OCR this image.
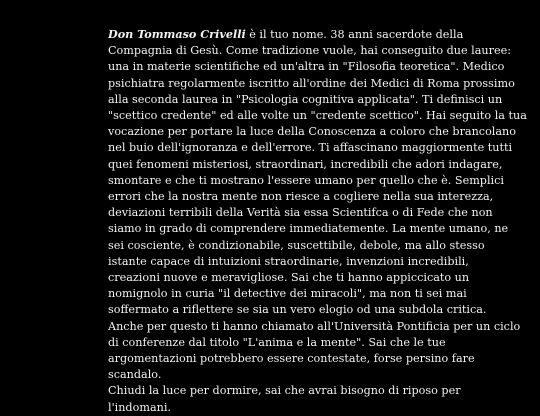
Don Tommaso Crivelli è il tuo nome. 38 anni sacerdote della
Compagnia di Gesù. Come tradizione vuole, hai conseguito due lauree:
una in materie scientifiche ed un'altra in "Filosofia teoretica". Medico
psichiatra regolarmente iscritto all'ordine dei Medici di Roma prossimo
alla seconda laurea in "Psicologia cognitiva applicata". Ti definisci un
"scettico credente" ed alle volte un "credente scettico". Hai seguito la tua
vocazione per portare la luce della Conoscenza a coloro che brancolano
nel buio dell'ignoranza e dell'errore. Ti affascinano maggiormente tutti
quei fenomeni misteriosi, straordinari, incredibili che adori indagare,
smontare e che ti mostrano l'essere umano per quello che è. Semplici
errori che la nostra mente non riesce a cogliere nella sua interezza,
deviazioni terribili della Verità sia essa Scientifca o di Fede che non
siamo in grado di comprendere immediatemente. La mente umano, ne
sei cosciente, è condizionabile, suscettibile, debole, ma allo stesso
istante capace di intuizioni straordinarie, invenzioni incredibili,
creazioni nuove e meravigliose. Sai che ti hanno appiccicato un
nomignolo in curia "il detective dei miracoli", ma non ti sei mai
soffermato a riflettere se sia un vero elogio od una subdola critica.
Anche per questo ti hanno chiamato all'Università Pontificia per un ciclo
di conferenze dal titolo "L'anima e la mente". Sai che le tue
argomentazioni potrebbero essere contestate, forse persino fare
scandalo.
Chiudi la luce per dormire, sai che avrai bisogno di riposo per
l'indomani.
